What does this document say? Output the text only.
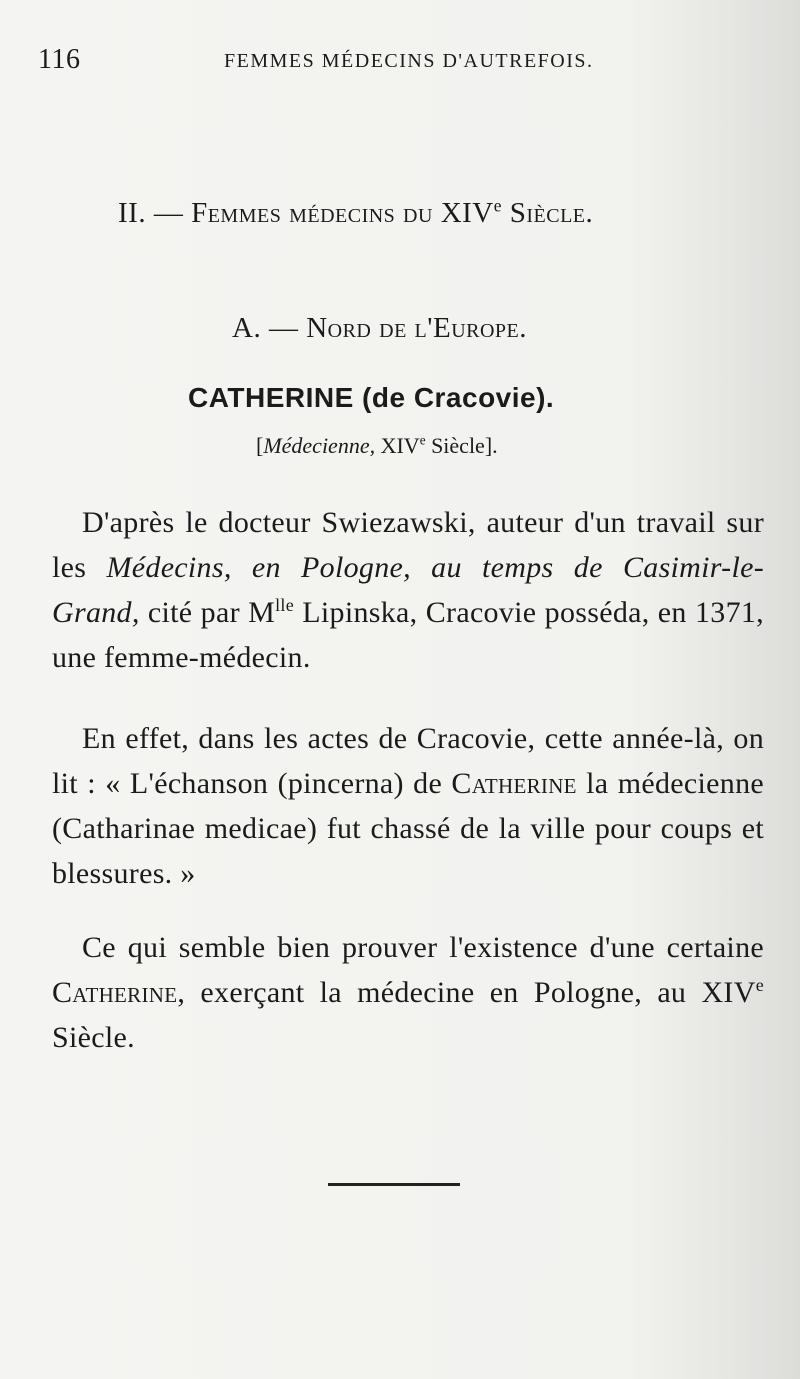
116	FEMMES MÉDECINS D'AUTREFOIS.
II. — Femmes médecins du XIVe Siècle.
A. — Nord de l'Europe.
CATHERINE (de Cracovie).
[Médecienne, XIVe Siècle].

D'après le docteur Swiezawski, auteur d'un travail sur les Médecins, en Pologne, au temps de Casimir-le-Grand, cité par $M^{lle}$ Lipinska, Cracovie posséda, en 1371, une femme-médecin.

En effet, dans les actes de Cracovie, cette année-là, on lit : « L'échanson (pincerna) de Catherine la médecienne (Catharinae medicae) fut chassé de la ville pour coups et blessures. »

Ce qui semble bien prouver l'existence d'une certaine Catherine, exerçant la médecine en Pologne, au XIVe Siècle.
